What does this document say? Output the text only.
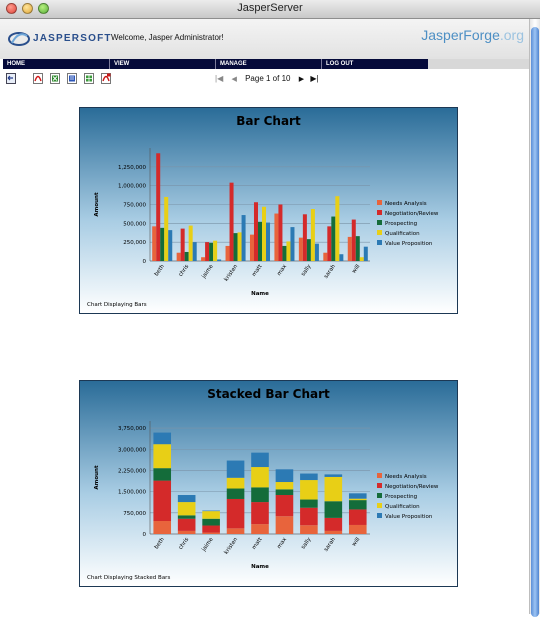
JasperServer
JASPERSOFT Welcome, Jasper Administrator!	JasperForge.org
HOME	VIEW	MANAGE	LOG OUT
|◀ ◀ Page 1 of 10 ▶ ▶|
Bar Chart
0
250,000
500,000
750,000
1,000,000
1,250,000
Amount
beth chris jaime kristen matt max sally sarah	will
Name
Needs Analysis
Negotiation/Review
Prospecting
Qualification
Value Proposition
Chart Displaying Bars
Stacked Bar Chart
0
750,000
1,500,000
2,250,000
3,000,000
3,750,000
Amount
beth chris jaime kristen matt max sally sarah	will
Name
Needs Analysis
Negotiation/Review
Prospecting
Qualification
Value Proposition
Chart Displaying Stacked Bars
